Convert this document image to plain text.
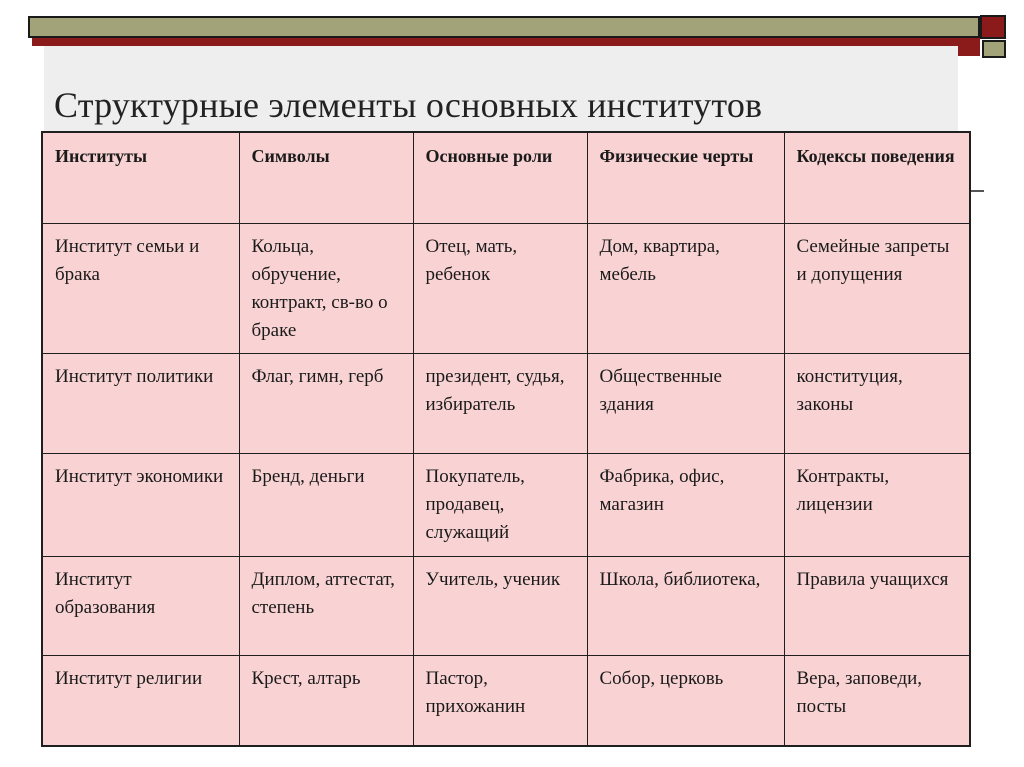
Структурные элементы основных институтов
Институты	Символы	Основные роли	Физические черты	Кодексы поведения
Институт семьи и брака	Кольца, обручение, контракт, св-во о браке	Отец, мать, ребенок	Дом, квартира, мебель	Семейные запреты и допущения
Институт политики	Флаг, гимн, герб	президент, судья, избиратель	Общественные здания	конституция, законы
Институт экономики	Бренд, деньги	Покупатель, продавец, служащий	Фабрика, офис, магазин	Контракты, лицензии
Институт образования	Диплом, аттестат, степень	Учитель, ученик	Школа, библиотека,	Правила учащихся
Институт религии	Крест, алтарь	Пастор, прихожанин	Собор, церковь	Вера, заповеди, посты
